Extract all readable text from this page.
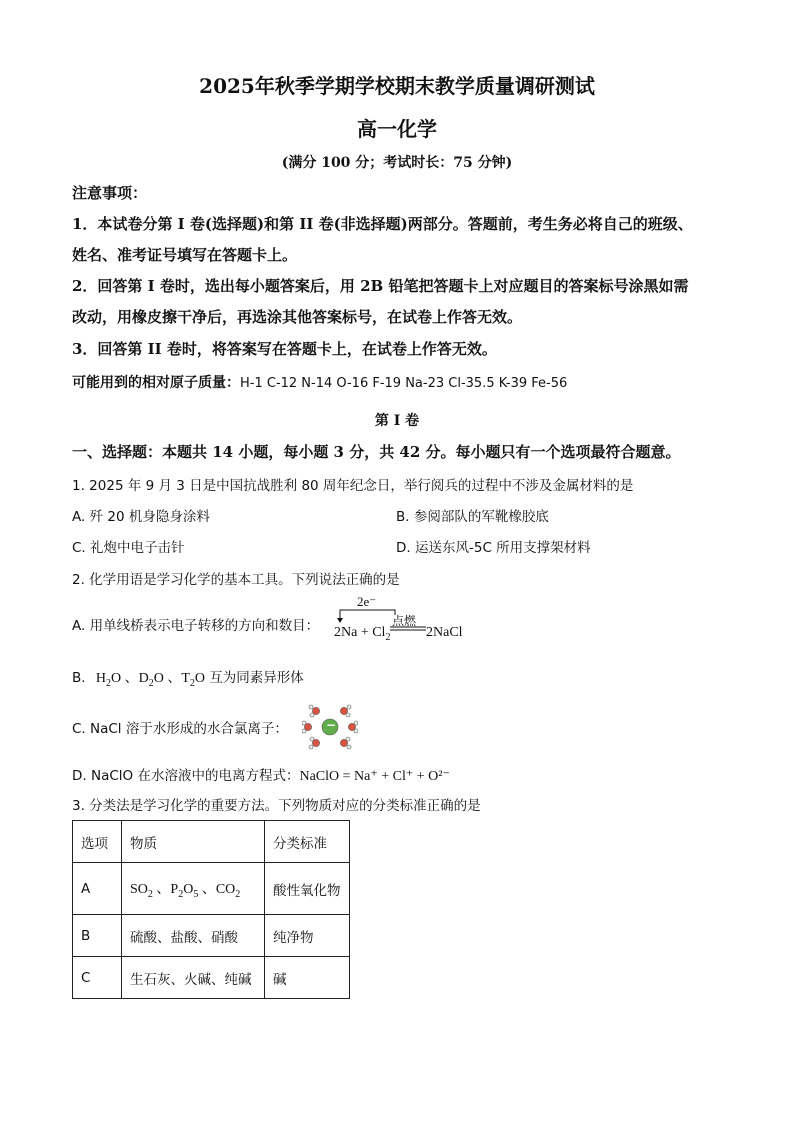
2025年秋季学期学校期末教学质量调研测试
高一化学
(满分 100 分；考试时长：75 分钟)
注意事项：
1．本试卷分第 I 卷(选择题)和第 II 卷(非选择题)两部分。答题前，考生务必将自己的班级、
姓名、准考证号填写在答题卡上。
2．回答第 I 卷时，选出每小题答案后，用 2B 铅笔把答题卡上对应题目的答案标号涂黑如需
改动，用橡皮擦干净后，再选涂其他答案标号，在试卷上作答无效。
3．回答第 II 卷时，将答案写在答题卡上，在试卷上作答无效。
可能用到的相对原子质量：H-1 C-12 N-14 O-16 F-19 Na-23 Cl-35.5 K-39 Fe-56
第 I 卷
一、选择题：本题共 14 小题，每小题 3 分，共 42 分。每小题只有一个选项最符合题意。
1. 2025 年 9 月 3 日是中国抗战胜利 80 周年纪念日，举行阅兵的过程中不涉及金属材料的是
A. 歼 20 机身隐身涂料	B. 参阅部队的军靴橡胶底
C. 礼炮中电子击针	D. 运送东风-5C 所用支撑架材料
2. 化学用语是学习化学的基本工具。下列说法正确的是
A. 用单线桥表示电子转移的方向和数目：
2e⁻
点燃
$2Na + Cl_2$	2NaCl
B. $H_2O$ 、$D_2O$ 、$T_2O$ 互为同素异形体
C. NaCl 溶于水形成的水合氯离子：	−
D. NaClO 在水溶液中的电离方程式：NaClO = Na⁺ + Cl⁺ + O²⁻
3. 分类法是学习化学的重要方法。下列物质对应的分类标准正确的是
选项	物质	分类标准
A	$SO_2$ 、$P_2O_5$ 、$CO_2$	酸性氧化物
B	硫酸、盐酸、硝酸	纯净物
C	生石灰、火碱、纯碱	碱
